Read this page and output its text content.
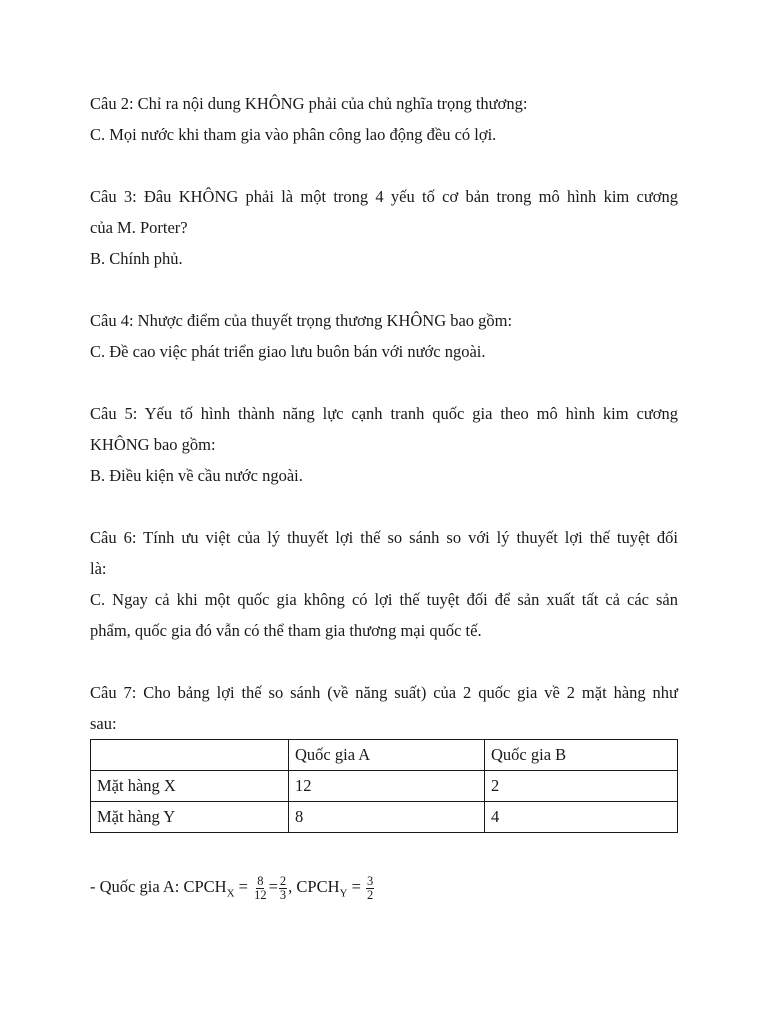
Câu 2: Chỉ ra nội dung KHÔNG phải của chủ nghĩa trọng thương:
C. Mọi nước khi tham gia vào phân công lao động đều có lợi.
Câu 3: Đâu KHÔNG phải là một trong 4 yếu tố cơ bản trong mô hình kim cương
của M. Porter?
B. Chính phủ.
Câu 4: Nhược điểm của thuyết trọng thương KHÔNG bao gồm:
C. Đề cao việc phát triển giao lưu buôn bán với nước ngoài.
Câu 5: Yếu tố hình thành năng lực cạnh tranh quốc gia theo mô hình kim cương
KHÔNG bao gồm:
B. Điều kiện về cầu nước ngoài.
Câu 6: Tính ưu việt của lý thuyết lợi thế so sánh so với lý thuyết lợi thế tuyệt đối
là:
C. Ngay cả khi một quốc gia không có lợi thế tuyệt đối để sản xuất tất cả các sản
phẩm, quốc gia đó vẫn có thể tham gia thương mại quốc tế.
Câu 7: Cho bảng lợi thế so sánh (về năng suất) của 2 quốc gia về 2 mặt hàng như
sau:
	Quốc gia A	Quốc gia B
Mặt hàng X	12	2
Mặt hàng Y	8	4
- Quốc gia A: $CPCH_X = \frac{8}{12} = \frac{2}{3}$ , $CPCH_Y = \frac{3}{2}$
